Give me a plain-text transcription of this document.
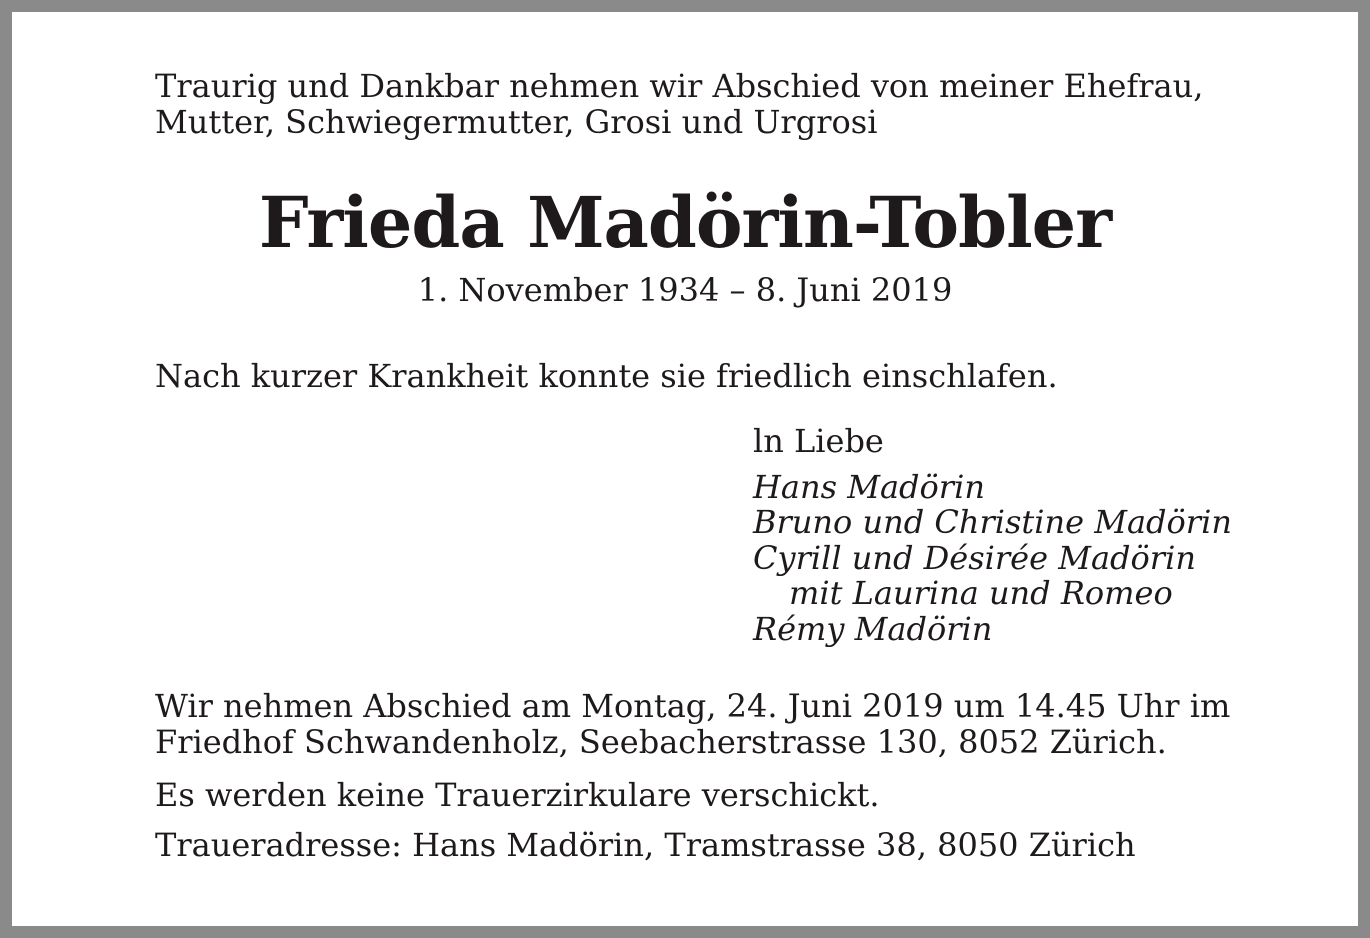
Traurig und Dankbar nehmen wir Abschied von meiner Ehefrau,
Mutter, Schwiegermutter, Grosi und Urgrosi
Frieda Madörin-Tobler
1. November 1934 – 8. Juni 2019

Nach kurzer Krankheit konnte sie friedlich einschlafen.

ln Liebe
Hans Madörin
Bruno und Christine Madörin
Cyrill und Désirée Madörin
mit Laurina und Romeo
Rémy Madörin
Wir nehmen Abschied am Montag, 24. Juni 2019 um 14.45 Uhr im
Friedhof Schwandenholz, Seebacherstrasse 130, 8052 Zürich.

Es werden keine Trauerzirkulare verschickt.

Traueradresse: Hans Madörin, Tramstrasse 38, 8050 Zürich
